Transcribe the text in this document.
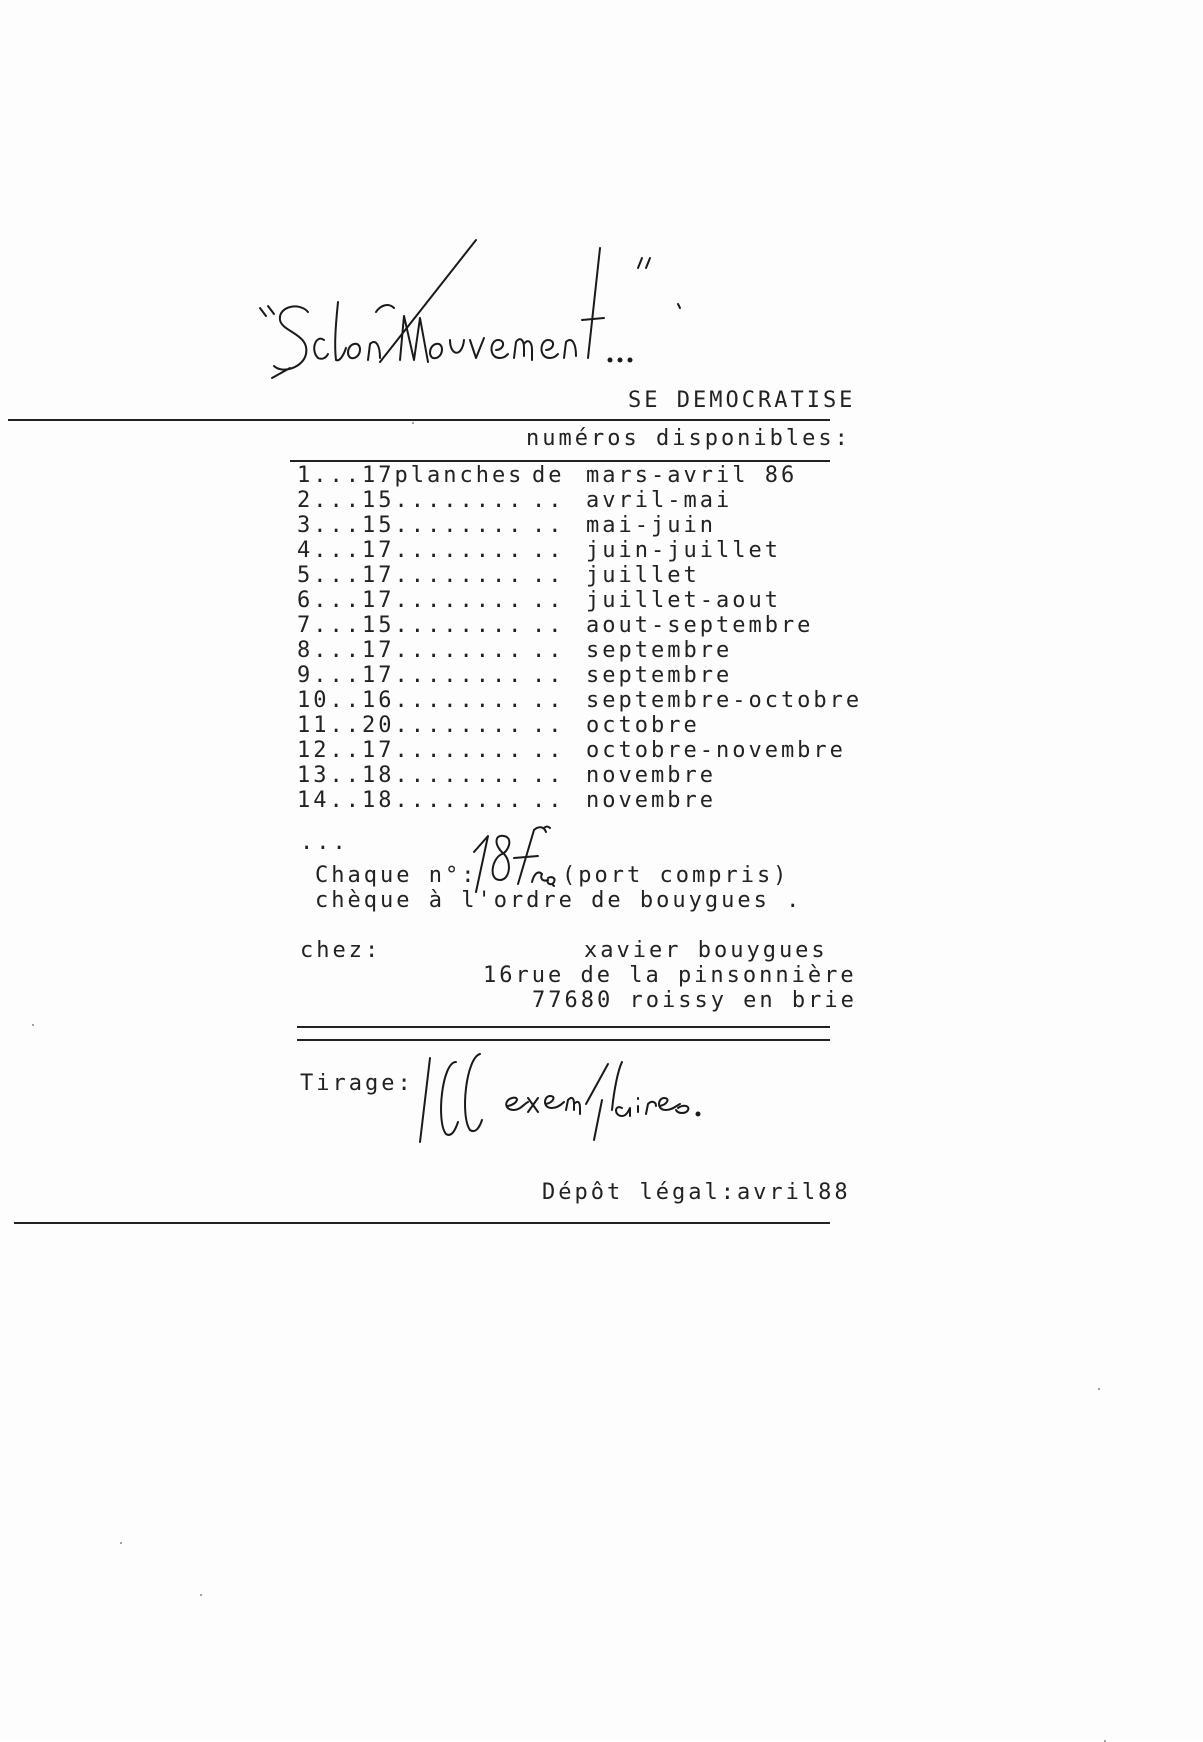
SE DEMOCRATISE
numéros disponibles:
1...17planches de mars-avril 86
2...15........ .. avril-mai
3...15........ .. mai-juin
4...17........ .. juin-juillet
5...17........ .. juillet
6...17........ .. juillet-aout
7...15........ .. aout-septembre
8...17........ .. septembre
9...17........ .. septembre
10..16........ .. septembre-octobre
11..20........ .. octobre
12..17........ .. octobre-novembre
13..18........ .. novembre
14..18........ .. novembre
...
Chaque n°:	(port compris)
chèque à l'ordre de bouygues .
chez:	xavier bouygues
16rue de la pinsonnière
77680 roissy en brie
Tirage:
Dépôt légal:avril88
